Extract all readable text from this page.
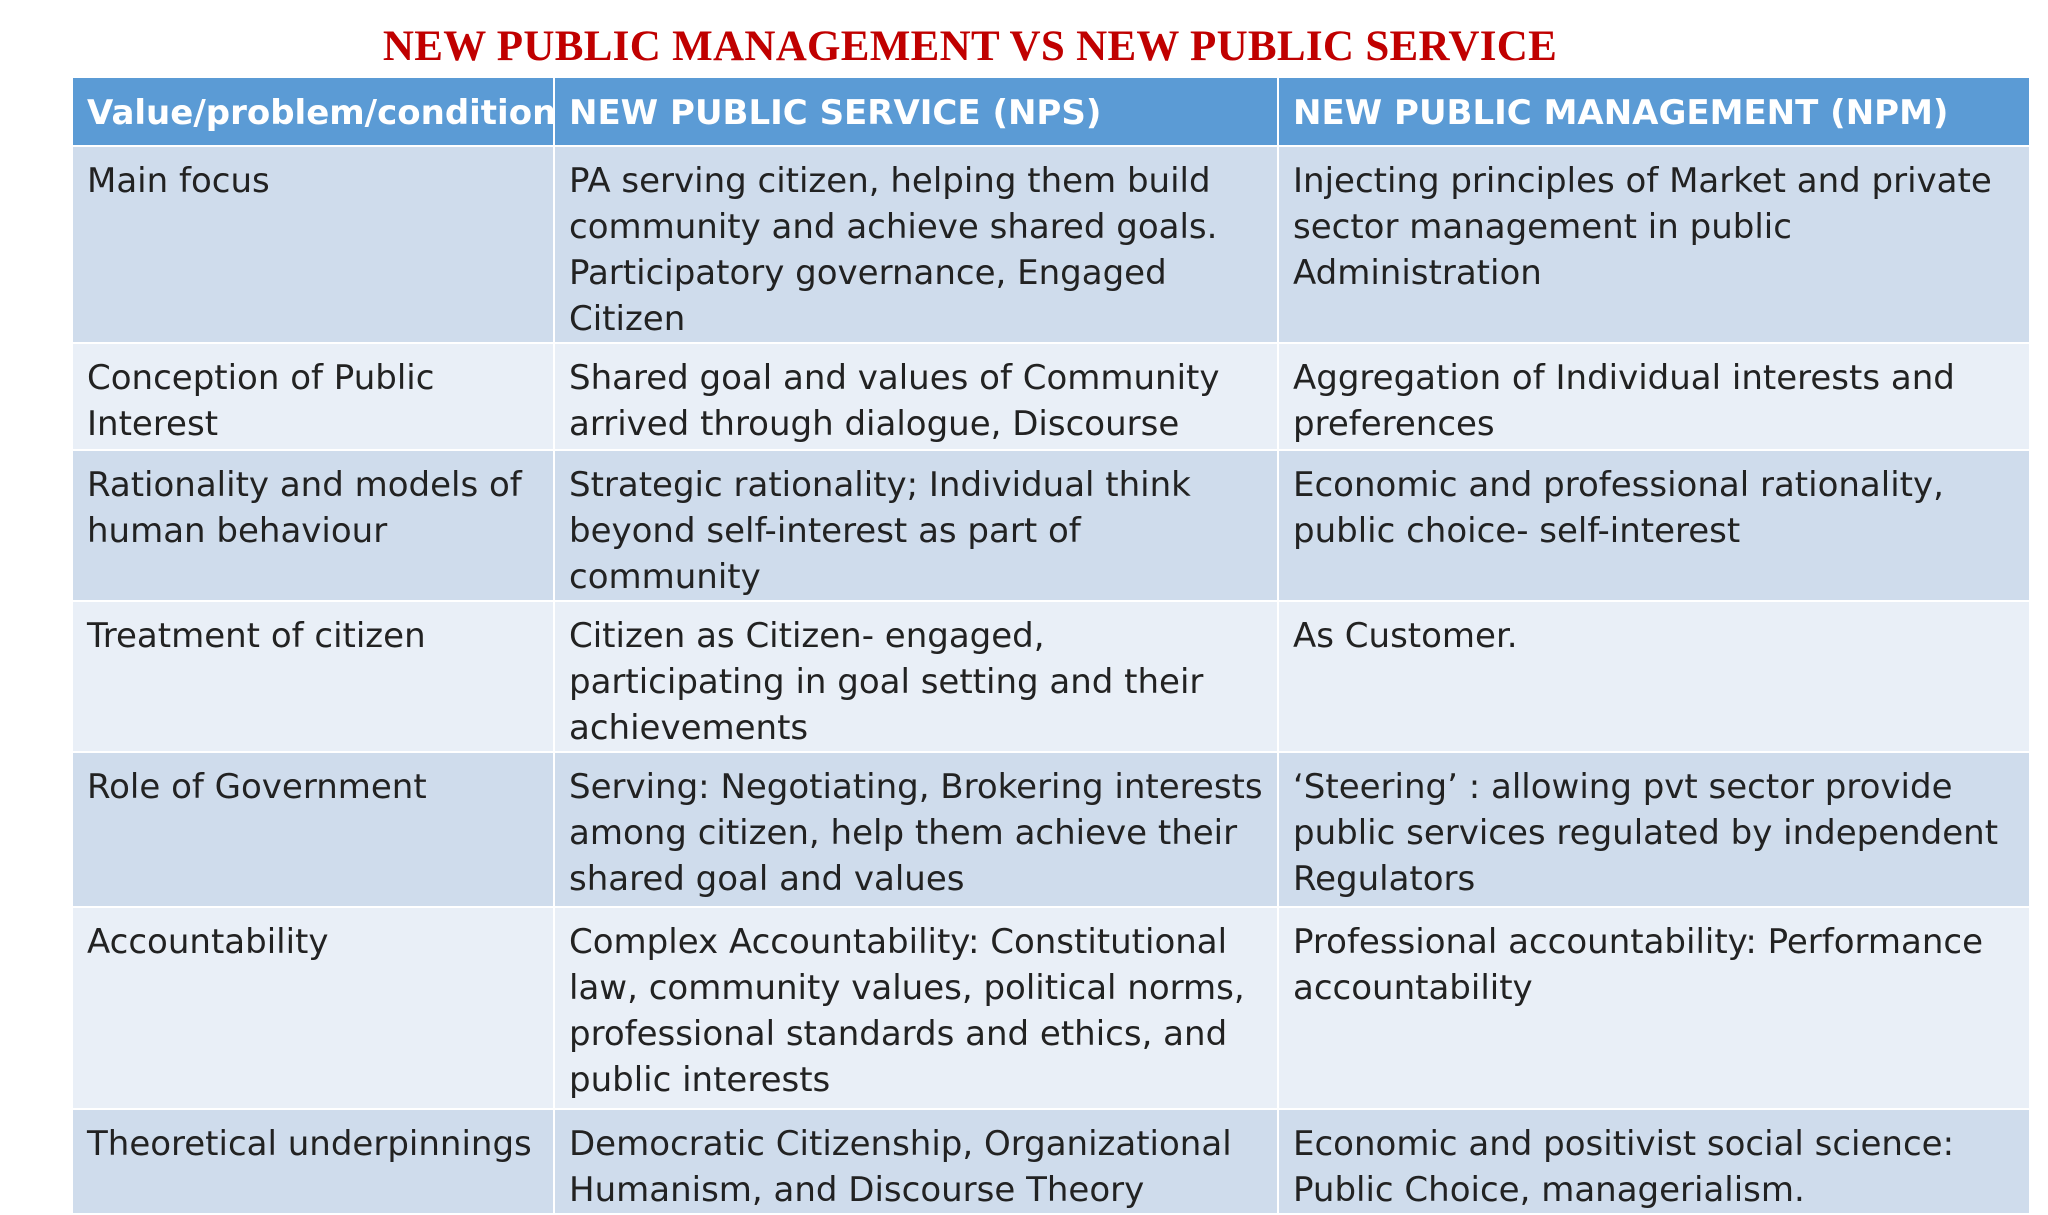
NEW PUBLIC MANAGEMENT VS NEW PUBLIC SERVICE
Value/problem/condition	NEW PUBLIC SERVICE (NPS)	NEW PUBLIC MANAGEMENT (NPM)
Main focus	PA serving citizen, helping them build community and achieve shared goals. Participatory governance, Engaged Citizen	Injecting principles of Market and private sector management in public Administration
Conception of Public Interest	Shared goal and values of Community arrived through dialogue, Discourse	Aggregation of Individual interests and preferences
Rationality and models of human behaviour	Strategic rationality; Individual think beyond self-interest as part of community	Economic and professional rationality, public choice- self-interest
Treatment of citizen	Citizen as Citizen- engaged, participating in goal setting and their achievements	As Customer.
Role of Government	Serving: Negotiating, Brokering interests among citizen, help them achieve their shared goal and values	‘Steering’ : allowing pvt sector provide public services regulated by independent Regulators
Accountability	Complex Accountability: Constitutional law, community values, political norms, professional standards and ethics, and public interests	Professional accountability: Performance accountability
Theoretical underpinnings	Democratic Citizenship, Organizational Humanism, and Discourse Theory	Economic and positivist social science: Public Choice, managerialism.
